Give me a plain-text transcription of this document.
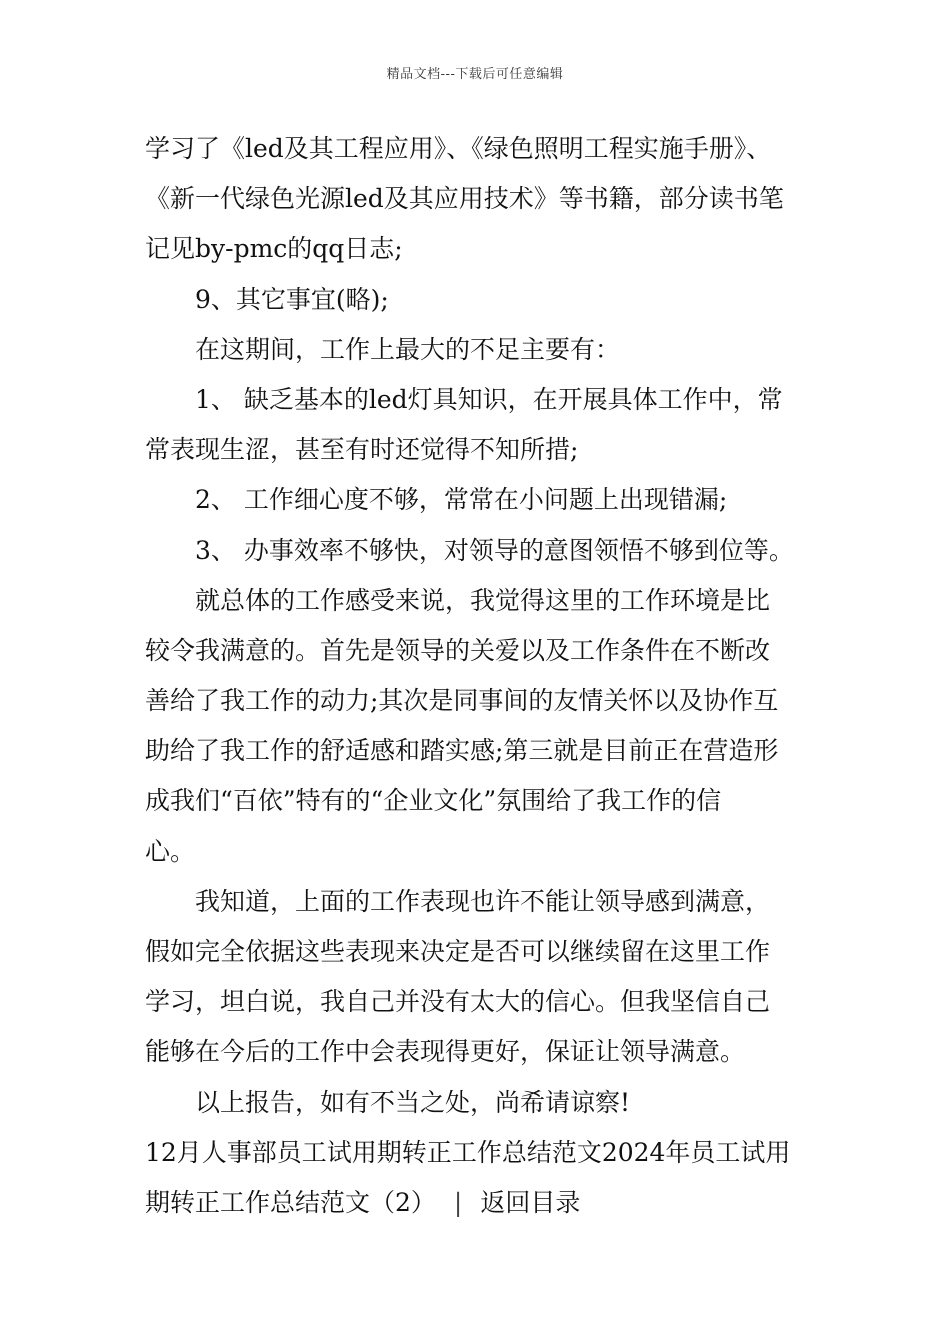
精品文档---下载后可任意编辑
学习了《led及其工程应用》、《绿色照明工程实施手册》、
《新一代绿色光源led及其应用技术》等书籍，部分读书笔
记见by-pmc的qq日志;
9、其它事宜(略);
在这期间，工作上最大的不足主要有：
1、 缺乏基本的led灯具知识，在开展具体工作中，常
常表现生涩，甚至有时还觉得不知所措;
2、 工作细心度不够，常常在小问题上出现错漏;
3、 办事效率不够快，对领导的意图领悟不够到位等。
就总体的工作感受来说，我觉得这里的工作环境是比
较令我满意的。首先是领导的关爱以及工作条件在不断改
善给了我工作的动力;其次是同事间的友情关怀以及协作互
助给了我工作的舒适感和踏实感;第三就是目前正在营造形
成我们“百依”特有的“企业文化”氛围给了我工作的信
心。
我知道，上面的工作表现也许不能让领导感到满意，
假如完全依据这些表现来决定是否可以继续留在这里工作
学习，坦白说，我自己并没有太大的信心。但我坚信自己
能够在今后的工作中会表现得更好，保证让领导满意。
以上报告，如有不当之处，尚希请谅察!
12月人事部员工试用期转正工作总结范文2024年员工试用
期转正工作总结范文（2） | 返回目录
